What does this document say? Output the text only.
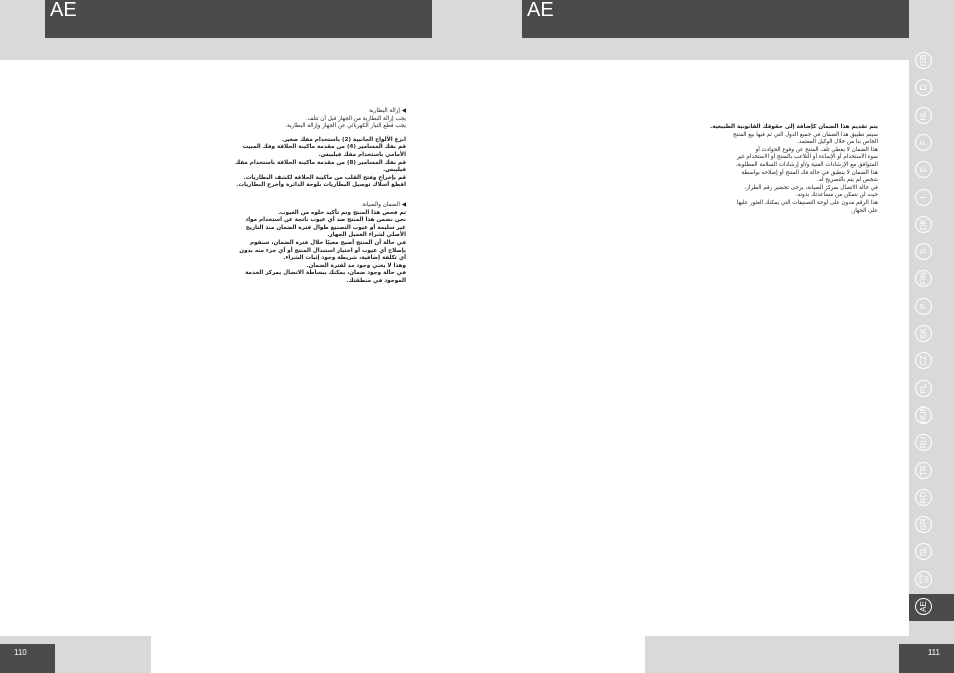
AE	AE
◀ إزالة البطارية
يجب إزالة البطارية من الجهاز قبل أن تتلف.
يجب قطع التيار الكهربائي عن الجهاز وإزالة البطارية.
انزع الألواح الجانبية (2) باستخدام مفك صغير.
قم بفك المسامير (4) من مقدمة ماكينة الحلاقة وفك المبيت
الأمامي باستخدام مفك فيليبس.
قم بفك المسامير (8) من مقدمة ماكينة الحلاقة باستخدام مفك
فيليبس.
قم بإخراج وفتح القلب من ماكينة الحلاقة لكشف البطاريات.
اقطع أسلاك توصيل البطاريات بلوحة الدائرة وأخرج البطاريات.
◀ الضمان والصيانة
تم فحص هذا المنتج وتم تأكيد خلوه من العيوب.
نحن نضمن هذا المنتج ضد أي عيوب ناتجة عن استخدام مواد
غير سليمة أو عيوب التصنيع طوال فترة الضمان منذ التاريخ
الأصلي لشراء العميل الجهاز.
في حالة أن المنتج أصبح معيبًا خلال فترة الضمان، سنقوم
بإصلاح أي عيوب أو اختيار استبدال المنتج أو أي جزء منه بدون
أي تكلفة إضافية، شريطة وجود إثبات الشراء.
وهذا لا يعني وجود مد لفترة الضمان.
في حالة وجود ضمان، يمكنك ببساطة الاتصال بمركز الخدمة
الموجود في منطقتك.
يتم تقديم هذا الضمان كإضافة إلى حقوقك القانونية الطبيعية.
سيتم تطبيق هذا الضمان في جميع الدول التي تم فيها بيع المنتج
الخاص بنا من خلال الوكيل المعتمد.
هذا الضمان لا يغطي تلف المنتج عن وقوع الحوادث أو
سوء الاستخدام أو الإساءة أو التلاعب بالمنتج أو الاستخدام غير
المتوافق مع الإرشادات الفنية و/أو إرشادات السلامة المطلوبة.
هذا الضمان لا ينطبق في حالة فك المنتج أو إصلاحه بواسطة
شخص لم يتم بالتصريح له.
في حالة الاتصال بمركز الصيانة، يرجى تحضير رقم الطراز،
حيث لن نتمكن من مساعدتك بدونه.
هذا الرقم مدون على لوحة التصنيفات التي يمكنك العثور عليها
على الجهاز.
GB
D
NL
F
E
I
DK
S
FIN
P
SK
CZ
PL
HUN
RU
TR
RO
GR
SL
SRB HR
AE
110	111
